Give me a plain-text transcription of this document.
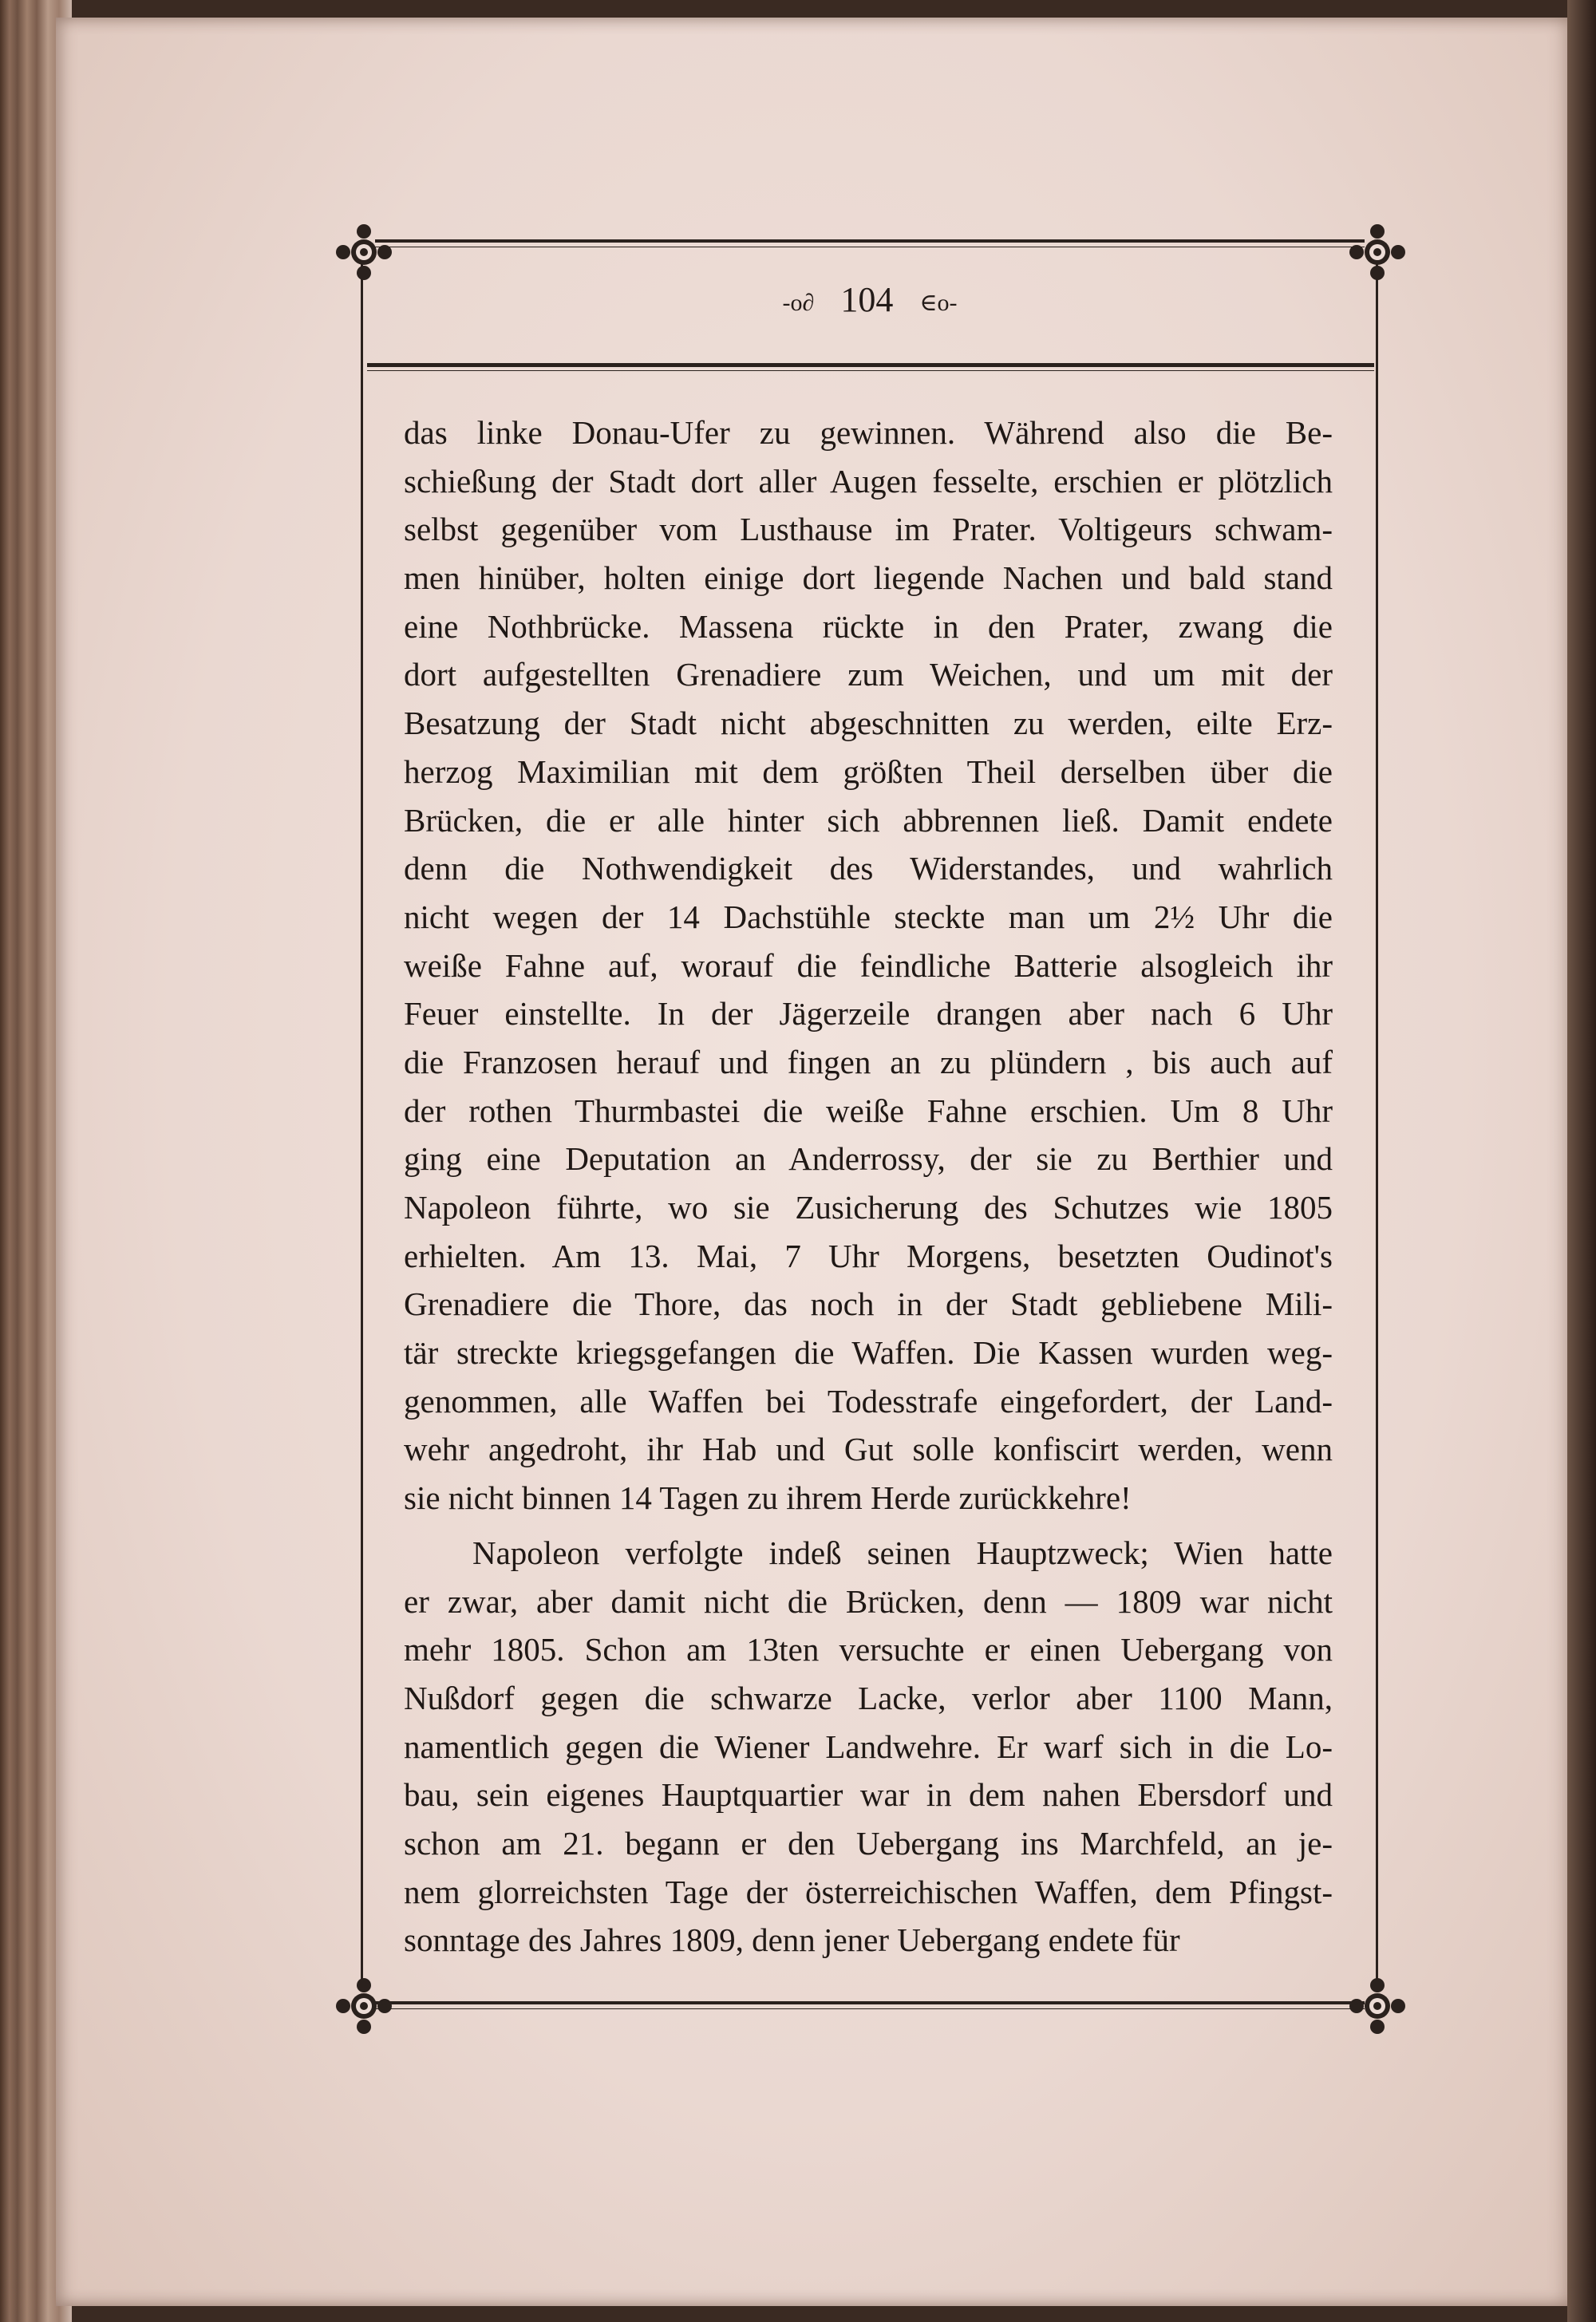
-o∂ 104 ∈o-
das linke Donau-Ufer zu gewinnen. Während also die Be-
schießung der Stadt dort aller Augen fesselte, erschien er plötzlich
selbst gegenüber vom Lusthause im Prater. Voltigeurs schwam-
men hinüber, holten einige dort liegende Nachen und bald stand
eine Nothbrücke. Massena rückte in den Prater, zwang die
dort aufgestellten Grenadiere zum Weichen, und um mit der
Besatzung der Stadt nicht abgeschnitten zu werden, eilte Erz-
herzog Maximilian mit dem größten Theil derselben über die
Brücken, die er alle hinter sich abbrennen ließ. Damit endete
denn die Nothwendigkeit des Widerstandes, und wahrlich
nicht wegen der 14 Dachstühle steckte man um 2½ Uhr die
weiße Fahne auf, worauf die feindliche Batterie alsogleich ihr
Feuer einstellte. In der Jägerzeile drangen aber nach 6 Uhr
die Franzosen herauf und fingen an zu plündern , bis auch auf
der rothen Thurmbastei die weiße Fahne erschien. Um 8 Uhr
ging eine Deputation an Anderrossy, der sie zu Berthier und
Napoleon führte, wo sie Zusicherung des Schutzes wie 1805
erhielten. Am 13. Mai, 7 Uhr Morgens, besetzten Oudinot's
Grenadiere die Thore, das noch in der Stadt gebliebene Mili-
tär streckte kriegsgefangen die Waffen. Die Kassen wurden weg-
genommen, alle Waffen bei Todesstrafe eingefordert, der Land-
wehr angedroht, ihr Hab und Gut solle konfiscirt werden, wenn
sie nicht binnen 14 Tagen zu ihrem Herde zurückkehre!
Napoleon verfolgte indeß seinen Hauptzweck; Wien hatte
er zwar, aber damit nicht die Brücken, denn — 1809 war nicht
mehr 1805. Schon am 13ten versuchte er einen Uebergang von
Nußdorf gegen die schwarze Lacke, verlor aber 1100 Mann,
namentlich gegen die Wiener Landwehre. Er warf sich in die Lo-
bau, sein eigenes Hauptquartier war in dem nahen Ebersdorf und
schon am 21. begann er den Uebergang ins Marchfeld, an je-
nem glorreichsten Tage der österreichischen Waffen, dem Pfingst-
sonntage des Jahres 1809, denn jener Uebergang endete für
